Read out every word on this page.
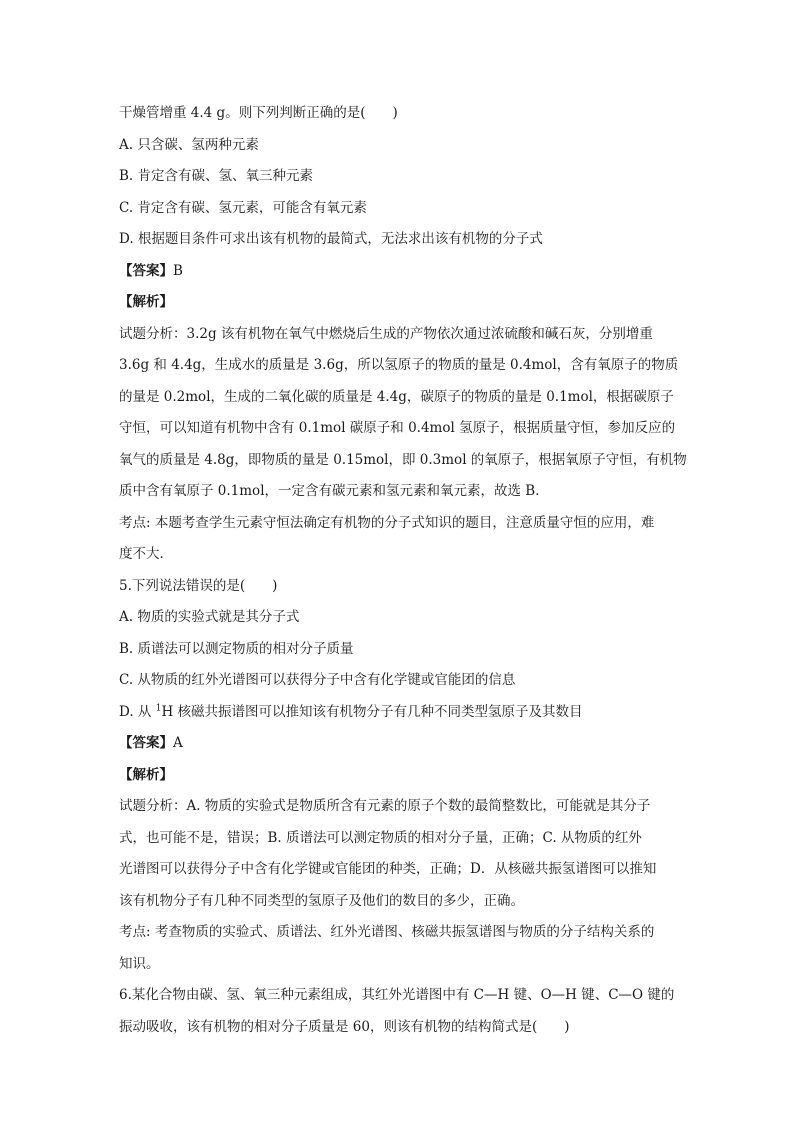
干燥管增重 4.4 g。则下列判断正确的是(　　)
A. 只含碳、氢两种元素
B. 肯定含有碳、氢、氧三种元素
C. 肯定含有碳、氢元素，可能含有氧元素
D. 根据题目条件可求出该有机物的最简式，无法求出该有机物的分子式
【答案】B
【解析】
试题分析：3.2g 该有机物在氧气中燃烧后生成的产物依次通过浓硫酸和碱石灰，分别增重
3.6g 和 4.4g，生成水的质量是 3.6g，所以氢原子的物质的量是 0.4mol，含有氧原子的物质
的量是 0.2mol，生成的二氧化碳的质量是 4.4g，碳原子的物质的量是 0.1mol，根据碳原子
守恒，可以知道有机物中含有 0.1mol 碳原子和 0.4mol 氢原子，根据质量守恒，参加反应的
氧气的质量是 4.8g，即物质的量是 0.15mol，即 0.3mol 的氧原子，根据氧原子守恒，有机物
质中含有氧原子 0.1mol，一定含有碳元素和氢元素和氧元素，故选 B．
考点: 本题考查学生元素守恒法确定有机物的分子式知识的题目，注意质量守恒的应用，难
度不大．
5.下列说法错误的是(　　)
A. 物质的实验式就是其分子式
B. 质谱法可以测定物质的相对分子质量
C. 从物质的红外光谱图可以获得分子中含有化学键或官能团的信息
D. 从 $^1$H 核磁共振谱图可以推知该有机物分子有几种不同类型氢原子及其数目
【答案】A
【解析】
试题分析：A. 物质的实验式是物质所含有元素的原子个数的最简整数比，可能就是其分子
式，也可能不是，错误；B. 质谱法可以测定物质的相对分子量，正确；C. 从物质的红外
光谱图可以获得分子中含有化学键或官能团的种类，正确；D．从核磁共振氢谱图可以推知
该有机物分子有几种不同类型的氢原子及他们的数目的多少，正确。
考点: 考查物质的实验式、质谱法、红外光谱图、核磁共振氢谱图与物质的分子结构关系的
知识。
6.某化合物由碳、氢、氧三种元素组成，其红外光谱图中有 C—H 键、O—H 键、C—O 键的
振动吸收，该有机物的相对分子质量是 60，则该有机物的结构简式是(　　)
